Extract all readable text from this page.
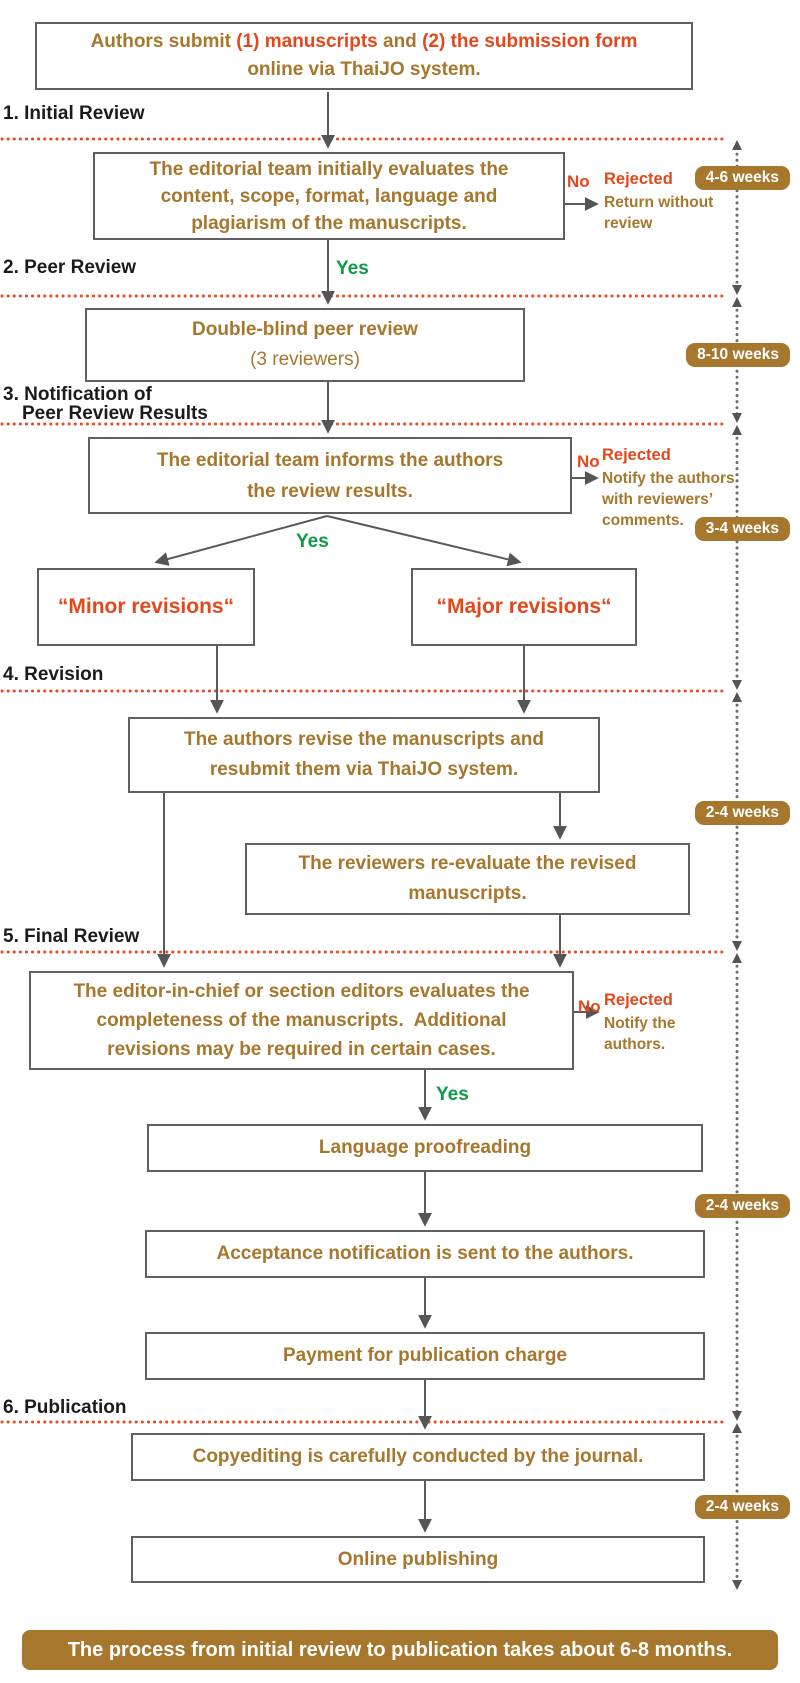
Authors submit (1) manuscripts and (2) the submission form
online via ThaiJO system.
1. Initial Review
2. Peer Review
3. Notification of
Peer Review Results
4. Revision
5. Final Review
6. Publication
The editorial team initially evaluates the
content, scope, format, language and
plagiarism of the manuscripts.
Double-blind peer review
(3 reviewers)
The editorial team informs the authors
the review results.
“Minor revisions“	“Major revisions“
The authors revise the manuscripts and
resubmit them via ThaiJO system.
The reviewers re-evaluate the revised
manuscripts.
The editor-in-chief or section editors evaluates the
completeness of the manuscripts.  Additional
revisions may be required in certain cases.
Language proofreading
Acceptance notification is sent to the authors.
Payment for publication charge
Copyediting is carefully conducted by the journal.
Online publishing
Yes
Yes
Yes
No
No
No
Rejected
Return without
review
Rejected
Notify the authors
with reviewers’
comments.
Rejected
Notify the
authors.
4-6 weeks
8-10 weeks
3-4 weeks
2-4 weeks
2-4 weeks
2-4 weeks
The process from initial review to publication takes about 6-8 months.
